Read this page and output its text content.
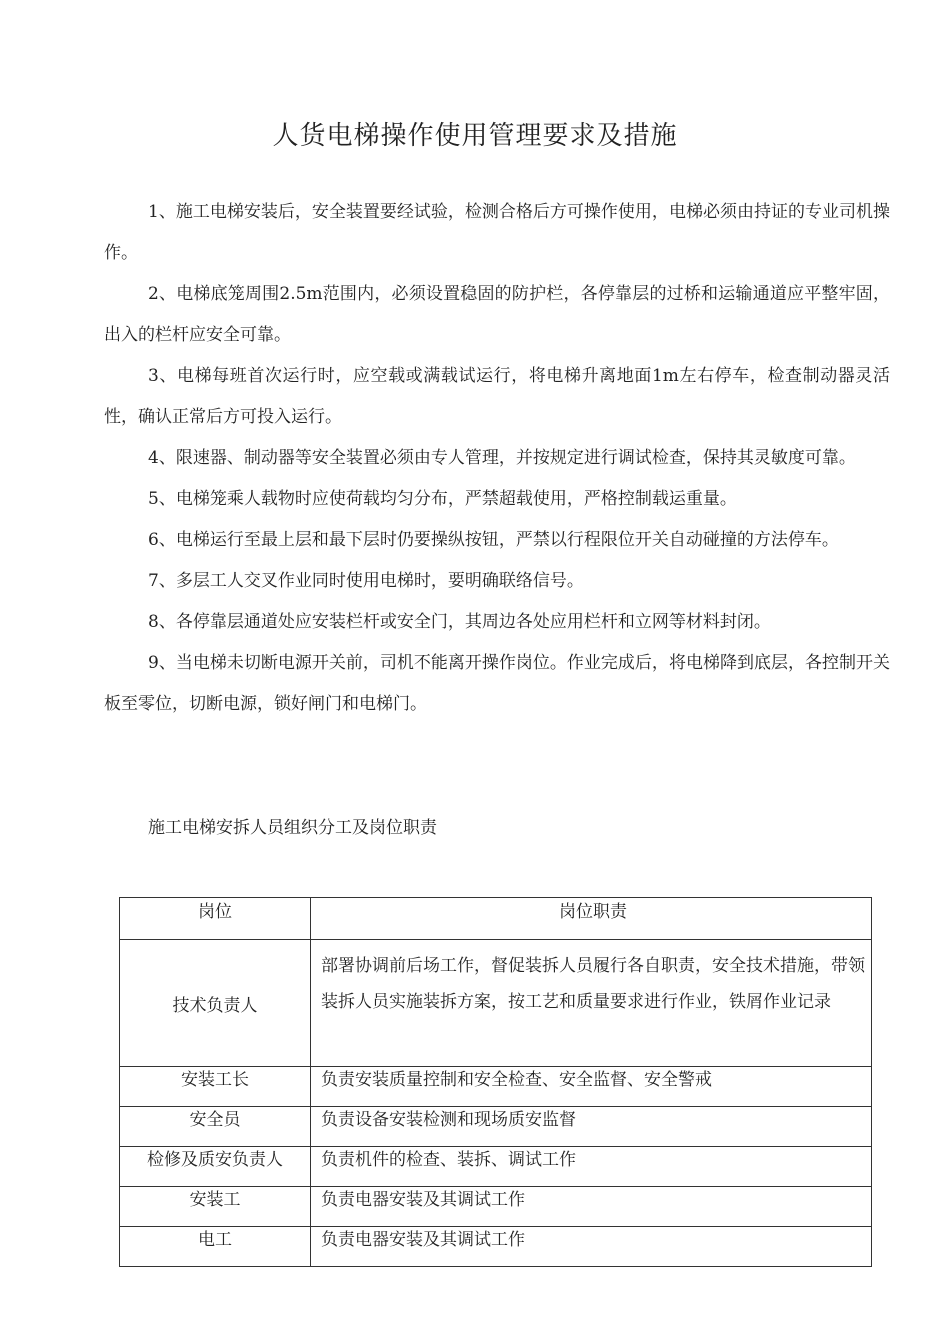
人货电梯操作使用管理要求及措施

1、施工电梯安装后，安全装置要经试验，检测合格后方可操作使用，电梯必须由持证的专业司机操作。

2、电梯底笼周围2.5m范围内，必须设置稳固的防护栏，各停靠层的过桥和运输通道应平整牢固，出入的栏杆应安全可靠。

3、电梯每班首次运行时，应空载或满载试运行，将电梯升离地面1m左右停车，检查制动器灵活性，确认正常后方可投入运行。

4、限速器、制动器等安全装置必须由专人管理，并按规定进行调试检查，保持其灵敏度可靠。

5、电梯笼乘人载物时应使荷载均匀分布，严禁超载使用，严格控制载运重量。

6、电梯运行至最上层和最下层时仍要操纵按钮，严禁以行程限位开关自动碰撞的方法停车。

7、多层工人交叉作业同时使用电梯时，要明确联络信号。

8、各停靠层通道处应安装栏杆或安全门，其周边各处应用栏杆和立网等材料封闭。

9、当电梯未切断电源开关前，司机不能离开操作岗位。作业完成后，将电梯降到底层，各控制开关板至零位，切断电源，锁好闸门和电梯门。

施工电梯安拆人员组织分工及岗位职责
岗位	岗位职责
技术负责人	部署协调前后场工作，督促装拆人员履行各自职责，安全技术措施，带领装拆人员实施装拆方案，按工艺和质量要求进行作业，铁屑作业记录
安装工长	负责安装质量控制和安全检查、安全监督、安全警戒
安全员	负责设备安装检测和现场质安监督
检修及质安负责人	负责机件的检查、装拆、调试工作
安装工	负责电器安装及其调试工作
电工	负责电器安装及其调试工作
